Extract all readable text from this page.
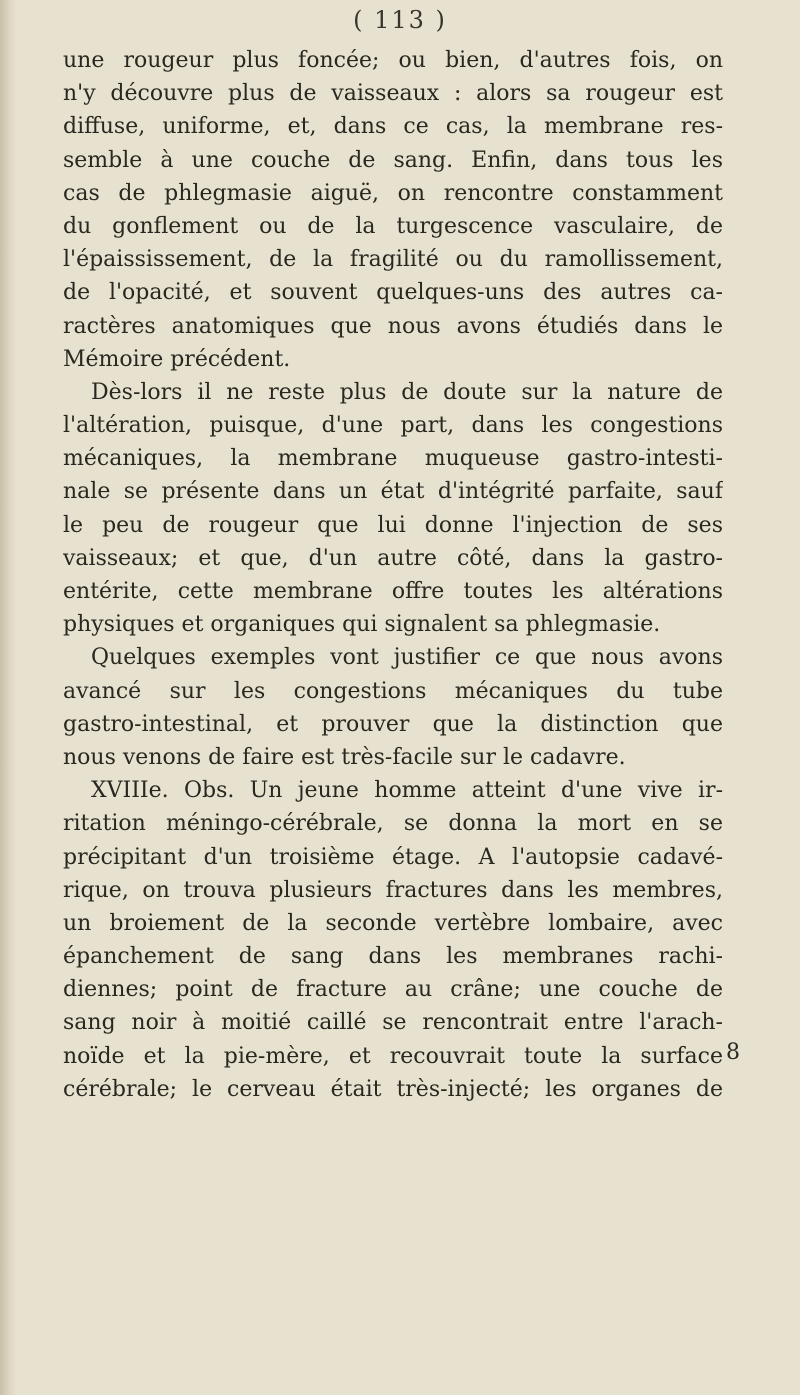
( 113 )
une rougeur plus foncée; ou bien, d'autres fois, on
n'y découvre plus de vaisseaux : alors sa rougeur est
diffuse, uniforme, et, dans ce cas, la membrane res-
semble à une couche de sang. Enfin, dans tous les
cas de phlegmasie aiguë, on rencontre constamment
du gonflement ou de la turgescence vasculaire, de
l'épaississement, de la fragilité ou du ramollissement,
de l'opacité, et souvent quelques-uns des autres ca-
ractères anatomiques que nous avons étudiés dans le
Mémoire précédent.
Dès-lors il ne reste plus de doute sur la nature de
l'altération, puisque, d'une part, dans les congestions
mécaniques, la membrane muqueuse gastro-intesti-
nale se présente dans un état d'intégrité parfaite, sauf
le peu de rougeur que lui donne l'injection de ses
vaisseaux; et que, d'un autre côté, dans la gastro-
entérite, cette membrane offre toutes les altérations
physiques et organiques qui signalent sa phlegmasie.
Quelques exemples vont justifier ce que nous avons
avancé sur les congestions mécaniques du tube
gastro-intestinal, et prouver que la distinction que
nous venons de faire est très-facile sur le cadavre.
XVIIIe. Obs. Un jeune homme atteint d'une vive ir-
ritation méningo-cérébrale, se donna la mort en se
précipitant d'un troisième étage. A l'autopsie cadavé-
rique, on trouva plusieurs fractures dans les membres,
un broiement de la seconde vertèbre lombaire, avec
épanchement de sang dans les membranes rachi-
diennes; point de fracture au crâne; une couche de
sang noir à moitié caillé se rencontrait entre l'arach-
noïde et la pie-mère, et recouvrait toute la surface
cérébrale; le cerveau était très-injecté; les organes de
8
